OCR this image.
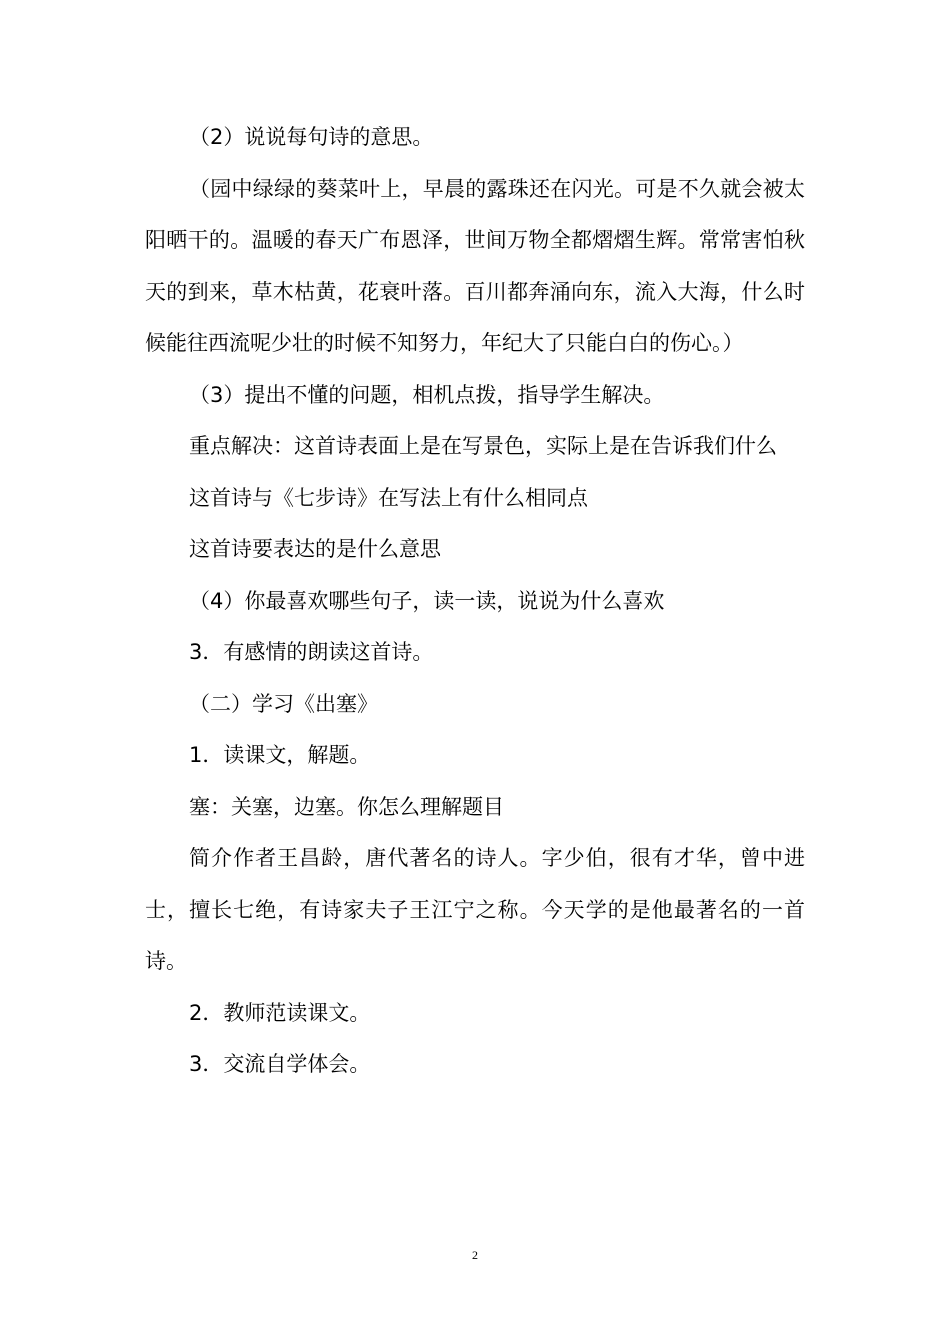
（2）说说每句诗的意思。

（园中绿绿的葵菜叶上，早晨的露珠还在闪光。可是不久就会被太阳晒干的。温暖的春天广布恩泽，世间万物全都熠熠生辉。常常害怕秋天的到来，草木枯黄，花衰叶落。百川都奔涌向东，流入大海，什么时候能往西流呢少壮的时候不知努力，年纪大了只能白白的伤心。）

（3）提出不懂的问题，相机点拨，指导学生解决。

重点解决：这首诗表面上是在写景色，实际上是在告诉我们什么

这首诗与《七步诗》在写法上有什么相同点

这首诗要表达的是什么意思

（4）你最喜欢哪些句子，读一读，说说为什么喜欢

3．有感情的朗读这首诗。

（二）学习《出塞》

1．读课文，解题。

塞：关塞，边塞。你怎么理解题目

简介作者王昌龄，唐代著名的诗人。字少伯，很有才华，曾中进士，擅长七绝，有诗家夫子王江宁之称。今天学的是他最著名的一首诗。

2．教师范读课文。

3．交流自学体会。

2
